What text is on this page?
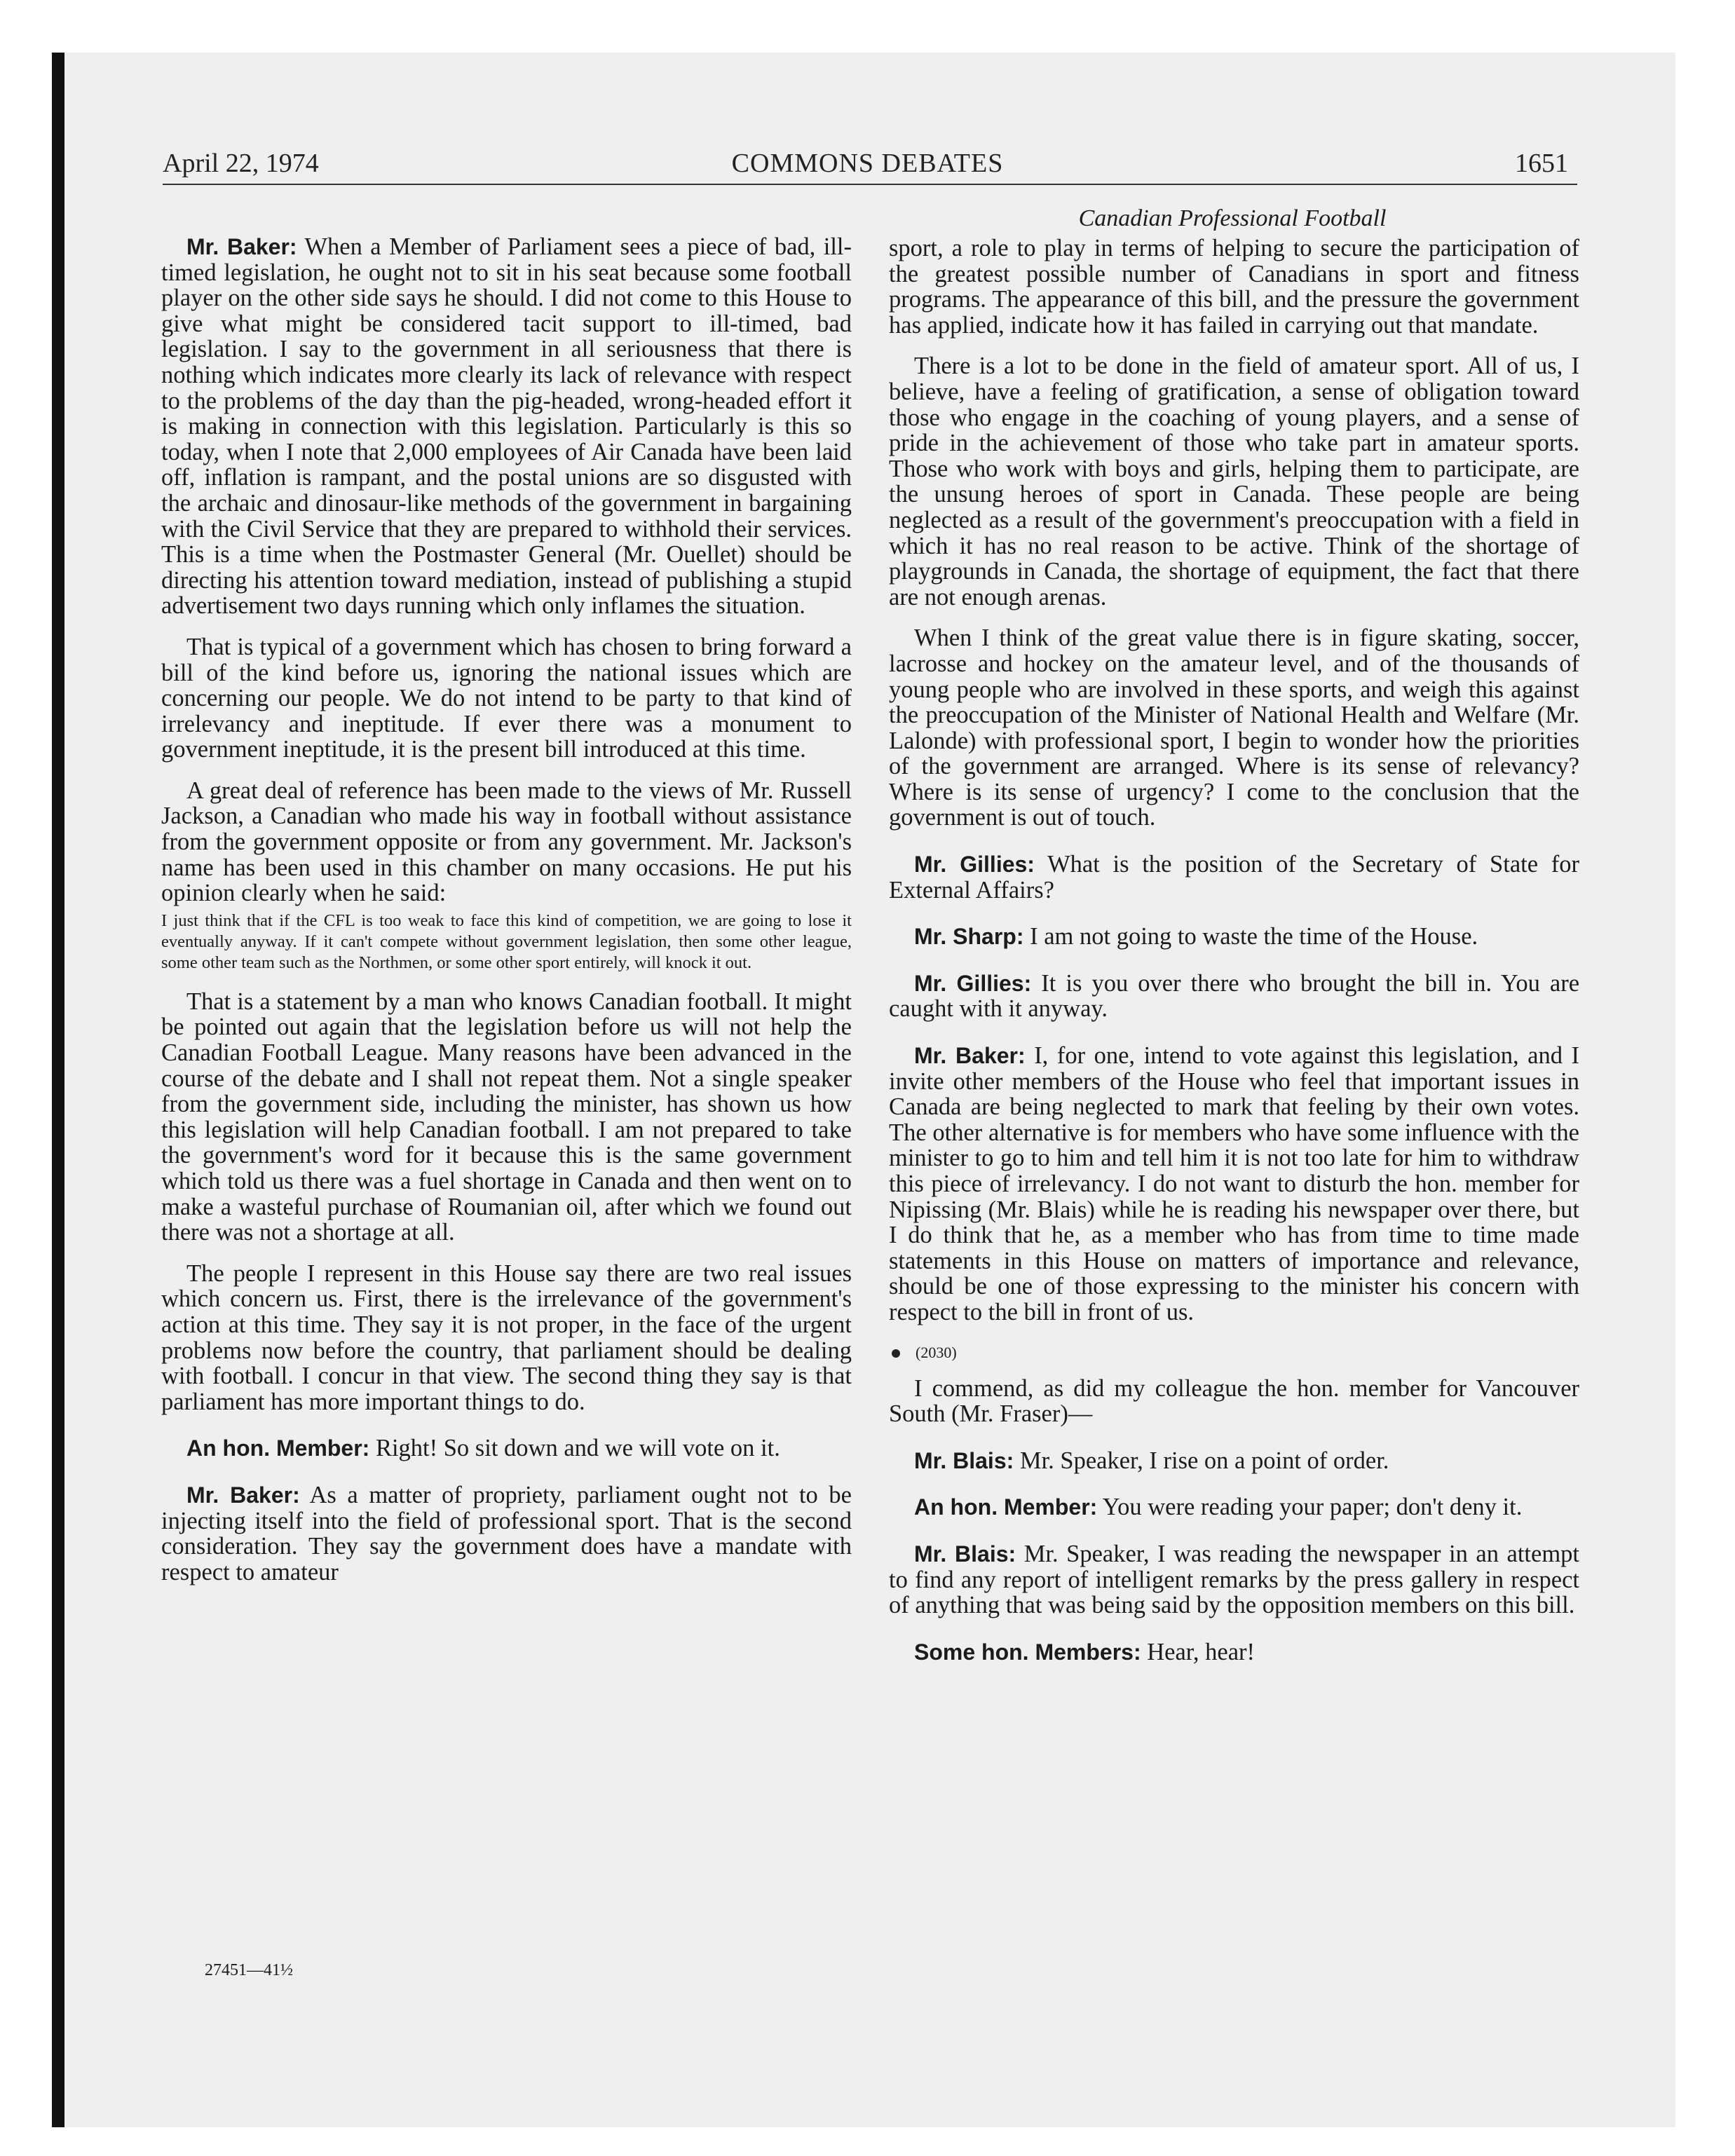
April 22, 1974	COMMONS DEBATES	1651
Canadian Professional Football

Mr. Baker: When a Member of Parliament sees a piece of bad, ill-timed legislation, he ought not to sit in his seat because some football player on the other side says he should. I did not come to this House to give what might be considered tacit support to ill-timed, bad legislation. I say to the government in all seriousness that there is nothing which indicates more clearly its lack of relevance with respect to the problems of the day than the pig-headed, wrong-headed effort it is making in connection with this legislation. Particularly is this so today, when I note that 2,000 employees of Air Canada have been laid off, inflation is rampant, and the postal unions are so disgusted with the archaic and dinosaur-like methods of the government in bargaining with the Civil Service that they are prepared to withhold their services. This is a time when the Postmaster General (Mr. Ouellet) should be directing his attention toward mediation, instead of publishing a stupid advertisement two days running which only inflames the situation.

That is typical of a government which has chosen to bring forward a bill of the kind before us, ignoring the national issues which are concerning our people. We do not intend to be party to that kind of irrelevancy and ineptitude. If ever there was a monument to government ineptitude, it is the present bill introduced at this time.

A great deal of reference has been made to the views of Mr. Russell Jackson, a Canadian who made his way in football without assistance from the government opposite or from any government. Mr. Jackson's name has been used in this chamber on many occasions. He put his opinion clearly when he said:

I just think that if the CFL is too weak to face this kind of competition, we are going to lose it eventually anyway. If it can't compete without government legislation, then some other league, some other team such as the Northmen, or some other sport entirely, will knock it out.

That is a statement by a man who knows Canadian football. It might be pointed out again that the legislation before us will not help the Canadian Football League. Many reasons have been advanced in the course of the debate and I shall not repeat them. Not a single speaker from the government side, including the minister, has shown us how this legislation will help Canadian football. I am not prepared to take the government's word for it because this is the same government which told us there was a fuel shortage in Canada and then went on to make a wasteful purchase of Roumanian oil, after which we found out there was not a shortage at all.

The people I represent in this House say there are two real issues which concern us. First, there is the irrelevance of the government's action at this time. They say it is not proper, in the face of the urgent problems now before the country, that parliament should be dealing with football. I concur in that view. The second thing they say is that parliament has more important things to do.

An hon. Member: Right! So sit down and we will vote on it.

Mr. Baker: As a matter of propriety, parliament ought not to be injecting itself into the field of professional sport. That is the second consideration. They say the government does have a mandate with respect to amateur

sport, a role to play in terms of helping to secure the participation of the greatest possible number of Canadians in sport and fitness programs. The appearance of this bill, and the pressure the government has applied, indicate how it has failed in carrying out that mandate.

There is a lot to be done in the field of amateur sport. All of us, I believe, have a feeling of gratification, a sense of obligation toward those who engage in the coaching of young players, and a sense of pride in the achievement of those who take part in amateur sports. Those who work with boys and girls, helping them to participate, are the unsung heroes of sport in Canada. These people are being neglected as a result of the government's preoccupation with a field in which it has no real reason to be active. Think of the shortage of playgrounds in Canada, the shortage of equipment, the fact that there are not enough arenas.

When I think of the great value there is in figure skating, soccer, lacrosse and hockey on the amateur level, and of the thousands of young people who are involved in these sports, and weigh this against the preoccupation of the Minister of National Health and Welfare (Mr. Lalonde) with professional sport, I begin to wonder how the priorities of the government are arranged. Where is its sense of relevancy? Where is its sense of urgency? I come to the conclusion that the government is out of touch.

Mr. Gillies: What is the position of the Secretary of State for External Affairs?

Mr. Sharp: I am not going to waste the time of the House.

Mr. Gillies: It is you over there who brought the bill in. You are caught with it anyway.

Mr. Baker: I, for one, intend to vote against this legislation, and I invite other members of the House who feel that important issues in Canada are being neglected to mark that feeling by their own votes. The other alternative is for members who have some influence with the minister to go to him and tell him it is not too late for him to withdraw this piece of irrelevancy. I do not want to disturb the hon. member for Nipissing (Mr. Blais) while he is reading his newspaper over there, but I do think that he, as a member who has from time to time made statements in this House on matters of importance and relevance, should be one of those expressing to the minister his concern with respect to the bill in front of us.

(2030)

I commend, as did my colleague the hon. member for Vancouver South (Mr. Fraser)—

Mr. Blais: Mr. Speaker, I rise on a point of order.

An hon. Member: You were reading your paper; don't deny it.

Mr. Blais: Mr. Speaker, I was reading the newspaper in an attempt to find any report of intelligent remarks by the press gallery in respect of anything that was being said by the opposition members on this bill.

Some hon. Members: Hear, hear!

27451—41½
